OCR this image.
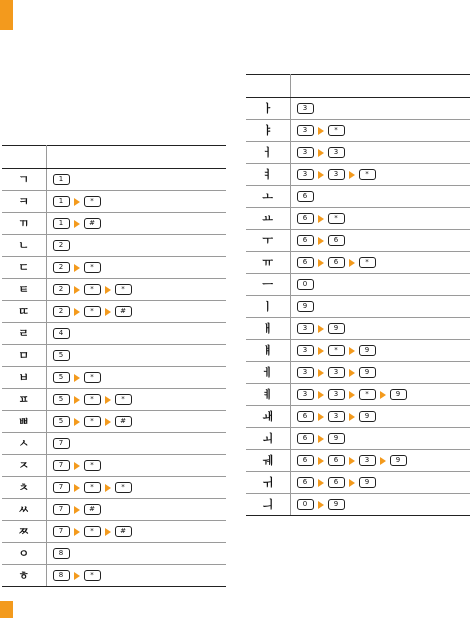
ㄱ	1

ㅋ	1 *

ㄲ	1 #

ㄴ	2

ㄷ	2 *

ㅌ	2 * *

ㄸ	2 * #

ㄹ	4

ㅁ	5

ㅂ	5 *

ㅍ	5 * *

ㅃ	5 * #

ㅅ	7

ㅈ	7 *

ㅊ	7 * *

ㅆ	7 #

ㅉ	7 * #

ㅇ	8

ㅎ	8 *

ㅏ	3

ㅑ	3 *

ㅓ	3 3

ㅕ	3 3 *

ㅗ	6

ㅛ	6 *

ㅜ	6 6

ㅠ	6 6 *

ㅡ	0

ㅣ	9

ㅐ	3 9

ㅒ	3 * 9

ㅔ	3 3 9

ㅖ	3 3 * 9

ㅙ	6 3 9

ㅚ	6 9

ㅞ	6 6 3 9

ㅟ	6 6 9

ㅢ	0 9
